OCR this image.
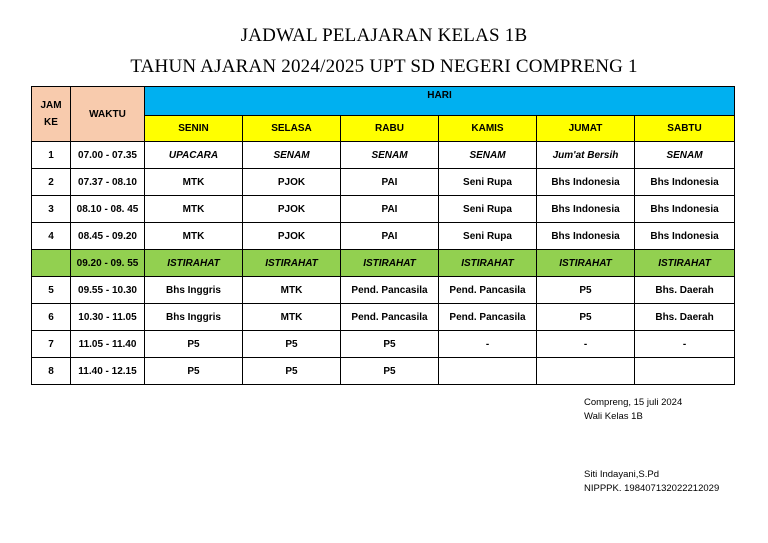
JADWAL PELAJARAN KELAS 1B
TAHUN AJARAN 2024/2025 UPT SD NEGERI COMPRENG 1
JAM
KE	WAKTU	HARI					
		SENIN	SELASA	RABU	KAMIS	JUMAT	SABTU
1	07.00 - 07.35	UPACARA	SENAM	SENAM	SENAM	Jum'at Bersih	SENAM
2	07.37 - 08.10	MTK	PJOK	PAI	Seni Rupa	Bhs Indonesia	Bhs Indonesia
3	08.10 - 08. 45	MTK	PJOK	PAI	Seni Rupa	Bhs Indonesia	Bhs Indonesia
4	08.45 - 09.20	MTK	PJOK	PAI	Seni Rupa	Bhs Indonesia	Bhs Indonesia
	09.20 - 09. 55	ISTIRAHAT	ISTIRAHAT	ISTIRAHAT	ISTIRAHAT	ISTIRAHAT	ISTIRAHAT
5	09.55 - 10.30	Bhs Inggris	MTK	Pend. Pancasila	Pend. Pancasila	P5	Bhs. Daerah
6	10.30 - 11.05	Bhs Inggris	MTK	Pend. Pancasila	Pend. Pancasila	P5	Bhs. Daerah
7	11.05 - 11.40	P5	P5	P5	-	-	-
8	11.40 - 12.15	P5	P5	P5			
Compreng, 15 juli 2024
Wali Kelas 1B
Siti Indayani,S.Pd
NIPPPK. 198407132022212029
